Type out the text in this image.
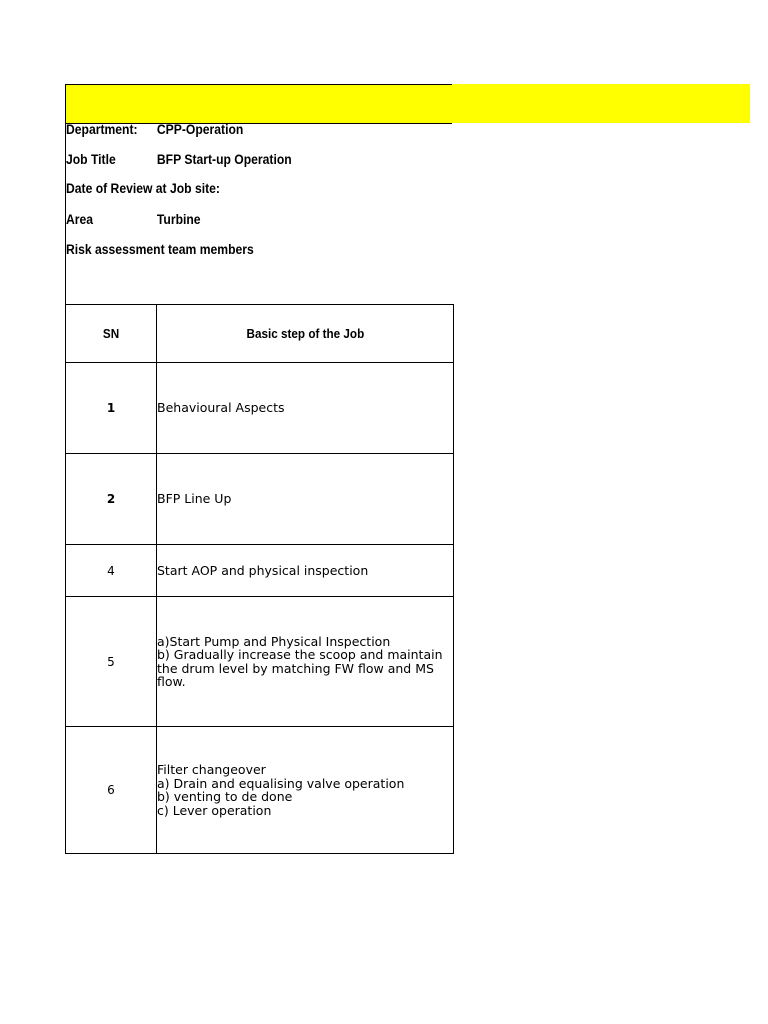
Department: CPP-Operation
Job Title	BFP Start-up Operation
Date of Review at Job site:
Area	Turbine
Risk assessment team members
SN	Basic step of the Job
1	Behavioural Aspects
2	BFP Line Up
4	Start AOP and physical inspection
5	a)Start Pump and Physical Inspection
b) Gradually increase the scoop and maintain the drum level by matching FW flow and MS flow.
6	Filter changeover
a) Drain and equalising valve operation
b) venting to de done
c) Lever operation
